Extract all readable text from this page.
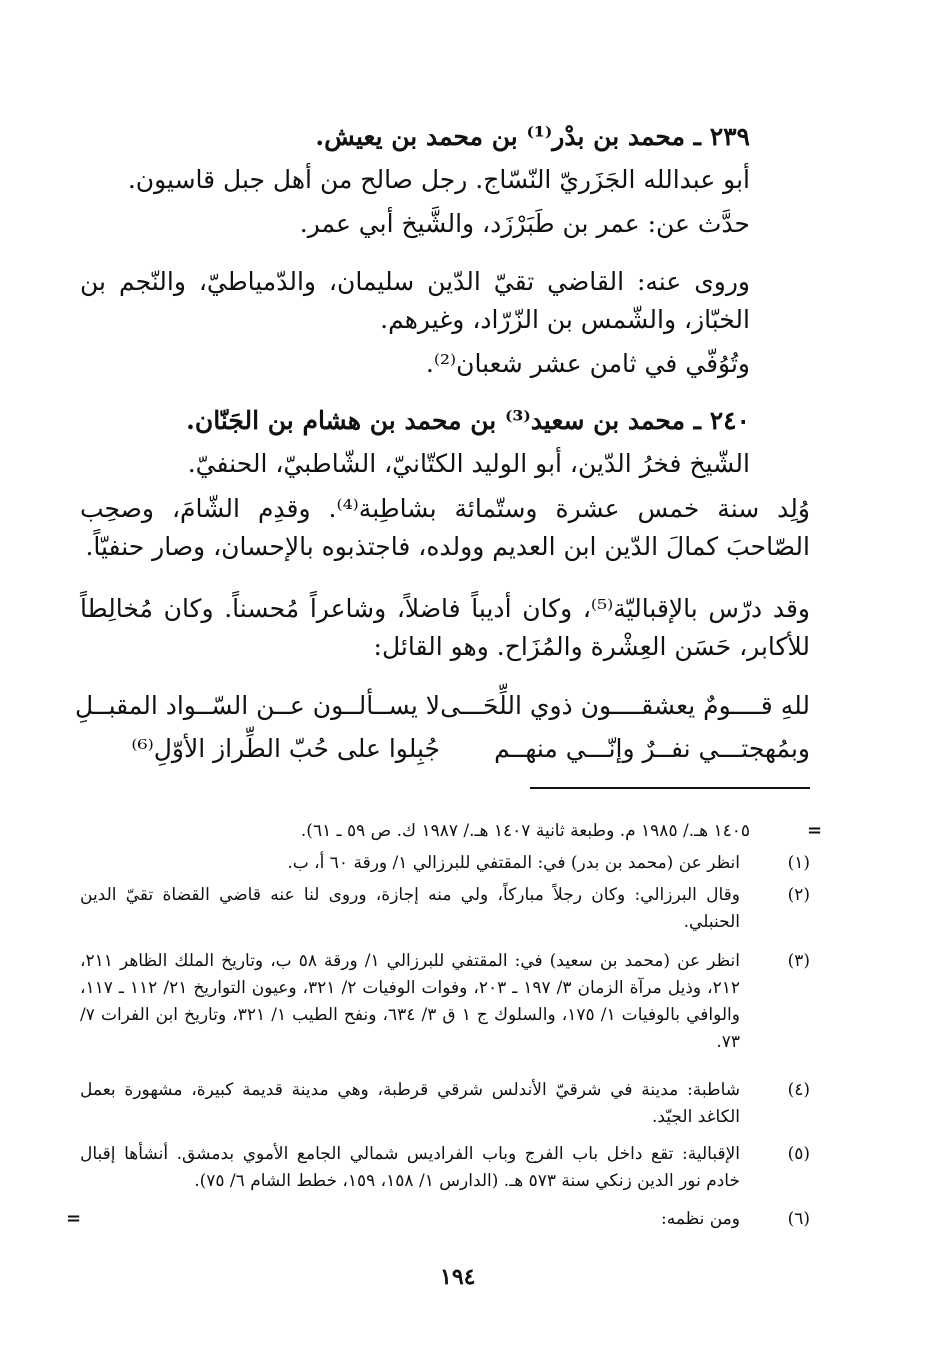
٢٣٩ ـ محمد بن بدْر⁽¹⁾ بن محمد بن يعيش.
أبو عبدالله الجَزَريّ النّسّاج. رجل صالح من أهل جبل قاسيون.
حدَّث عن: عمر بن طَبَرْزَد، والشَّيخ أبي عمر.
وروى عنه: القاضي تقيّ الدّين سليمان، والدّمياطيّ، والنّجم بن الخبّاز، والشّمس بن الزّرّاد، وغيرهم.
وتُوُفّي في ثامن عشر شعبان⁽²⁾.
٢٤٠ ـ محمد بن سعيد⁽³⁾ بن محمد بن هشام بن الجَنّان.
الشّيخ فخرُ الدّين، أبو الوليد الكتّانيّ، الشّاطبيّ، الحنفيّ.
وُلِد سنة خمس عشرة وستّمائة بشاطِبة⁽⁴⁾. وقدِم الشّامَ، وصحِب الصّاحبَ كمالَ الدّين ابن العديم وولده، فاجتذبوه بالإحسان، وصار حنفيّاً.
وقد درّس بالإقباليّة⁽⁵⁾، وكان أديباً فاضلاً، وشاعراً مُحسناً. وكان مُخالِطاً للأكابر، حَسَن العِشْرة والمُزَاح. وهو القائل:
للهِ قــــومٌ يعشقــــون ذوي اللِّحَـــى
لا يســألــون عــن السّــواد المقبــلِ
وبمُهجتـــي نفــرٌ وإنّـــي منهــم
جُبِلوا على حُبّ الطِّراز الأوّلِ⁽⁶⁾
=
١٤٠٥ هـ./ ١٩٨٥ م. وطبعة ثانية ١٤٠٧ هـ./ ١٩٨٧ ك. ص ٥٩ ـ ٦١).
(١)
انظر عن (محمد بن بدر) في: المقتفي للبرزالي ١/ ورقة ٦٠ أ، ب.
(٢)
وقال البرزالي: وكان رجلاً مباركاً، ولي منه إجازة، وروى لنا عنه قاضي القضاة تقيّ الدين الحنبلي.
(٣)
انظر عن (محمد بن سعيد) في: المقتفي للبرزالي ١/ ورقة ٥٨ ب، وتاريخ الملك الظاهر ٢١١، ٢١٢، وذيل مرآة الزمان ٣/ ١٩٧ ـ ٢٠٣، وفوات الوفيات ٢/ ٣٢١، وعيون التواريخ ٢١/ ١١٢ ـ ١١٧، والوافي بالوفيات ١/ ١٧٥، والسلوك ج ١ ق ٣/ ٦٣٤، ونفح الطيب ١/ ٣٢١، وتاريخ ابن الفرات ٧/ ٧٣.
(٤)
شاطبة: مدينة في شرقيّ الأندلس شرقي قرطبة، وهي مدينة قديمة كبيرة، مشهورة بعمل الكاغد الجيّد.
(٥)
الإقبالية: تقع داخل باب الفرج وباب الفراديس شمالي الجامع الأموي بدمشق. أنشأها إقبال خادم نور الدين زنكي سنة ٥٧٣ هـ. (الدارس ١/ ١٥٨، ١٥٩، خطط الشام ٦/ ٧٥).
(٦)
ومن نظمه:
=
١٩٤
